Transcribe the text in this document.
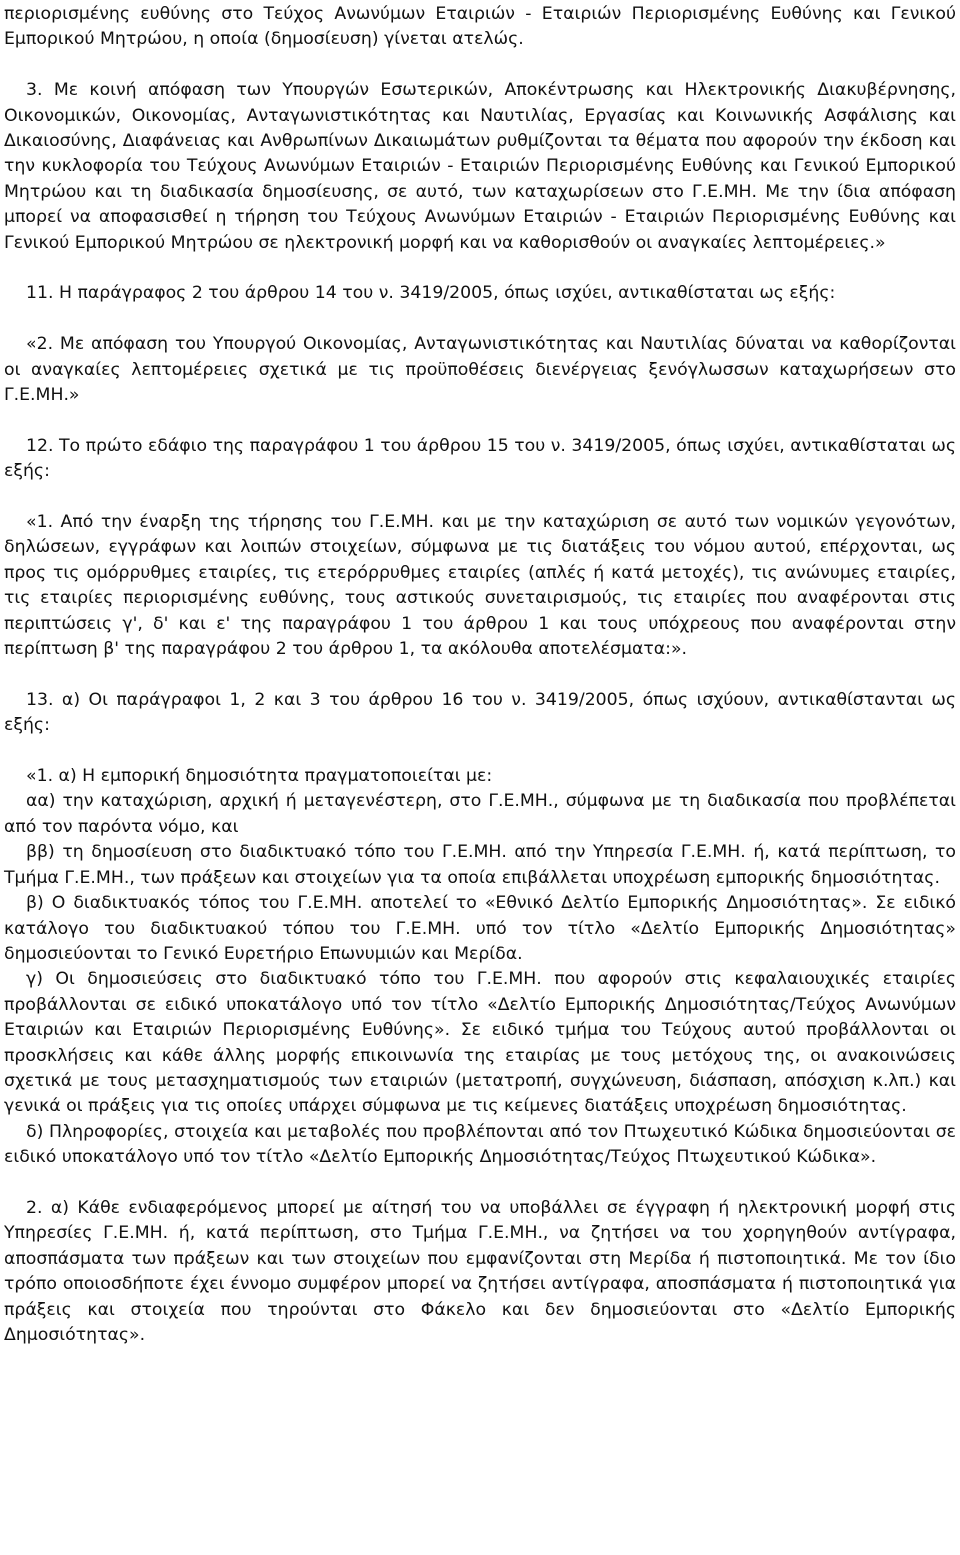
περιορισμένης ευθύνης στο Τεύχος Ανωνύμων Εταιριών - Εταιριών Περιορισμένης Ευθύνης και Γενικού Εμπορικού Μητρώου, η οποία (δημοσίευση) γίνεται ατελώς.

3. Με κοινή απόφαση των Υπουργών Εσωτερικών, Αποκέντρωσης και Ηλεκτρονικής Διακυβέρνησης, Οικονομικών, Οικονομίας, Ανταγωνιστικότητας και Ναυτιλίας, Εργασίας και Κοινωνικής Ασφάλισης και Δικαιοσύνης, Διαφάνειας και Ανθρωπίνων Δικαιωμάτων ρυθμίζονται τα θέματα που αφορούν την έκδοση και την κυκλοφορία του Τεύχους Ανωνύμων Εταιριών - Εταιριών Περιορισμένης Ευθύνης και Γενικού Εμπορικού Μητρώου και τη διαδικασία δημοσίευσης, σε αυτό, των καταχωρίσεων στο Γ.Ε.ΜΗ. Με την ίδια απόφαση μπορεί να αποφασισθεί η τήρηση του Τεύχους Ανωνύμων Εταιριών - Εταιριών Περιορισμένης Ευθύνης και Γενικού Εμπορικού Μητρώου σε ηλεκτρονική μορφή και να καθορισθούν οι αναγκαίες λεπτομέρειες.»

11. Η παράγραφος 2 του άρθρου 14 του ν. 3419/2005, όπως ισχύει, αντικαθίσταται ως εξής:

«2. Με απόφαση του Υπουργού Οικονομίας, Ανταγωνιστικότητας και Ναυτιλίας δύναται να καθορίζονται οι αναγκαίες λεπτομέρειες σχετικά με τις προϋποθέσεις διενέργειας ξενόγλωσσων καταχωρήσεων στο Γ.Ε.ΜΗ.»

12. Το πρώτο εδάφιο της παραγράφου 1 του άρθρου 15 του ν. 3419/2005, όπως ισχύει, αντικαθίσταται ως εξής:

«1. Από την έναρξη της τήρησης του Γ.Ε.ΜΗ. και με την καταχώριση σε αυτό των νομικών γεγονότων, δηλώσεων, εγγράφων και λοιπών στοιχείων, σύμφωνα με τις διατάξεις του νόμου αυτού, επέρχονται, ως προς τις ομόρρυθμες εταιρίες, τις ετερόρρυθμες εταιρίες (απλές ή κατά μετοχές), τις ανώνυμες εταιρίες, τις εταιρίες περιορισμένης ευθύνης, τους αστικούς συνεταιρισμούς, τις εταιρίες που αναφέρονται στις περιπτώσεις γ', δ' και ε' της παραγράφου 1 του άρθρου 1 και τους υπόχρεους που αναφέρονται στην περίπτωση β' της παραγράφου 2 του άρθρου 1, τα ακόλουθα αποτελέσματα:».

13. α) Οι παράγραφοι 1, 2 και 3 του άρθρου 16 του ν. 3419/2005, όπως ισχύουν, αντικαθίστανται ως εξής:

«1. α) Η εμπορική δημοσιότητα πραγματοποιείται με:

αα) την καταχώριση, αρχική ή μεταγενέστερη, στο Γ.Ε.ΜΗ., σύμφωνα με τη διαδικασία που προβλέπεται από τον παρόντα νόμο, και

ββ) τη δημοσίευση στο διαδικτυακό τόπο του Γ.Ε.ΜΗ. από την Υπηρεσία Γ.Ε.ΜΗ. ή, κατά περίπτωση, το Τμήμα Γ.Ε.ΜΗ., των πράξεων και στοιχείων για τα οποία επιβάλλεται υποχρέωση εμπορικής δημοσιότητας.

β) Ο διαδικτυακός τόπος του Γ.Ε.ΜΗ. αποτελεί το «Εθνικό Δελτίο Εμπορικής Δημοσιότητας». Σε ειδικό κατάλογο του διαδικτυακού τόπου του Γ.Ε.ΜΗ. υπό τον τίτλο «Δελτίο Εμπορικής Δημοσιότητας» δημοσιεύονται το Γενικό Ευρετήριο Επωνυμιών και Μερίδα.

γ) Οι δημοσιεύσεις στο διαδικτυακό τόπο του Γ.Ε.ΜΗ. που αφορούν στις κεφαλαιουχικές εταιρίες προβάλλονται σε ειδικό υποκατάλογο υπό τον τίτλο «Δελτίο Εμπορικής Δημοσιότητας/Τεύχος Ανωνύμων Εταιριών και Εταιριών Περιορισμένης Ευθύνης». Σε ειδικό τμήμα του Τεύχους αυτού προβάλλονται οι προσκλήσεις και κάθε άλλης μορφής επικοινωνία της εταιρίας με τους μετόχους της, οι ανακοινώσεις σχετικά με τους μετασχηματισμούς των εταιριών (μετατροπή, συγχώνευση, διάσπαση, απόσχιση κ.λπ.) και γενικά οι πράξεις για τις οποίες υπάρχει σύμφωνα με τις κείμενες διατάξεις υποχρέωση δημοσιότητας.

δ) Πληροφορίες, στοιχεία και μεταβολές που προβλέπονται από τον Πτωχευτικό Κώδικα δημοσιεύονται σε ειδικό υποκατάλογο υπό τον τίτλο «Δελτίο Εμπορικής Δημοσιότητας/Τεύχος Πτωχευτικού Κώδικα».

2. α) Κάθε ενδιαφερόμενος μπορεί με αίτησή του να υποβάλλει σε έγγραφη ή ηλεκτρονική μορφή στις Υπηρεσίες Γ.Ε.ΜΗ. ή, κατά περίπτωση, στο Τμήμα Γ.Ε.ΜΗ., να ζητήσει να του χορηγηθούν αντίγραφα, αποσπάσματα των πράξεων και των στοιχείων που εμφανίζονται στη Μερίδα ή πιστοποιητικά. Με τον ίδιο τρόπο οποιοσδήποτε έχει έννομο συμφέρον μπορεί να ζητήσει αντίγραφα, αποσπάσματα ή πιστοποιητικά για πράξεις και στοιχεία που τηρούνται στο Φάκελο και δεν δημοσιεύονται στο «Δελτίο Εμπορικής Δημοσιότητας».
